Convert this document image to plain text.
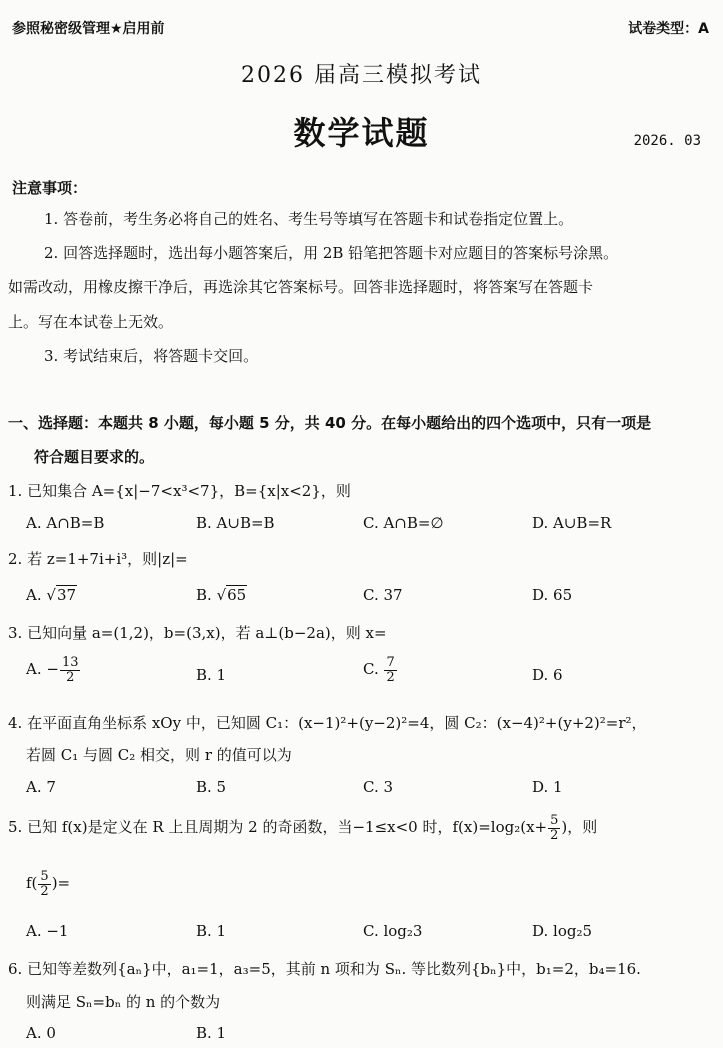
参照秘密级管理★启用前	试卷类型：A
2026 届高三模拟考试
数学试题	2026. 03
注意事项：
1. 答卷前，考生务必将自己的姓名、考生号等填写在答题卡和试卷指定位置上。
2. 回答选择题时，选出每小题答案后，用 2B 铅笔把答题卡对应题目的答案标号涂黑。
如需改动，用橡皮擦干净后，再选涂其它答案标号。回答非选择题时，将答案写在答题卡
上。写在本试卷上无效。
3. 考试结束后，将答题卡交回。
一、选择题：本题共 8 小题，每小题 5 分，共 40 分。在每小题给出的四个选项中，只有一项是
符合题目要求的。
1. 已知集合 A={x|−7<x³<7}，B={x|x<2}，则
A. A∩B=B	B. A∪B=B	C. A∩B=∅	D. A∪B=R
2. 若 z=1+7i+i³，则|z|=
A. √37	B. √65	C. 37	D. 65
3. 已知向量 a=(1,2)，b=(3,x)，若 a⊥(b−2a)，则 x=
A. − $\frac{13}{2}$	B. 1	C. $\frac{7}{2}$	D. 6
4. 在平面直角坐标系 xOy 中，已知圆 C₁：(x−1)²+(y−2)²=4，圆 C₂：(x−4)²+(y+2)²=r²，
若圆 C₁ 与圆 C₂ 相交，则 r 的值可以为
A. 7	B. 5	C. 3	D. 1
5. 已知 f(x)是定义在 R 上且周期为 2 的奇函数，当−1≤x<0 时，$f(x)=\log_2(x+ \frac{5}{2}$ )，则
$f( \frac{5}{2}$ )=
A. −1	B. 1	C. log₂3	D. log₂5
6. 已知等差数列{aₙ}中，a₁=1，a₃=5，其前 n 项和为 Sₙ. 等比数列{bₙ}中，b₁=2，b₄=16.
则满足 Sₙ=bₙ 的 n 的个数为
A. 0	B. 1
